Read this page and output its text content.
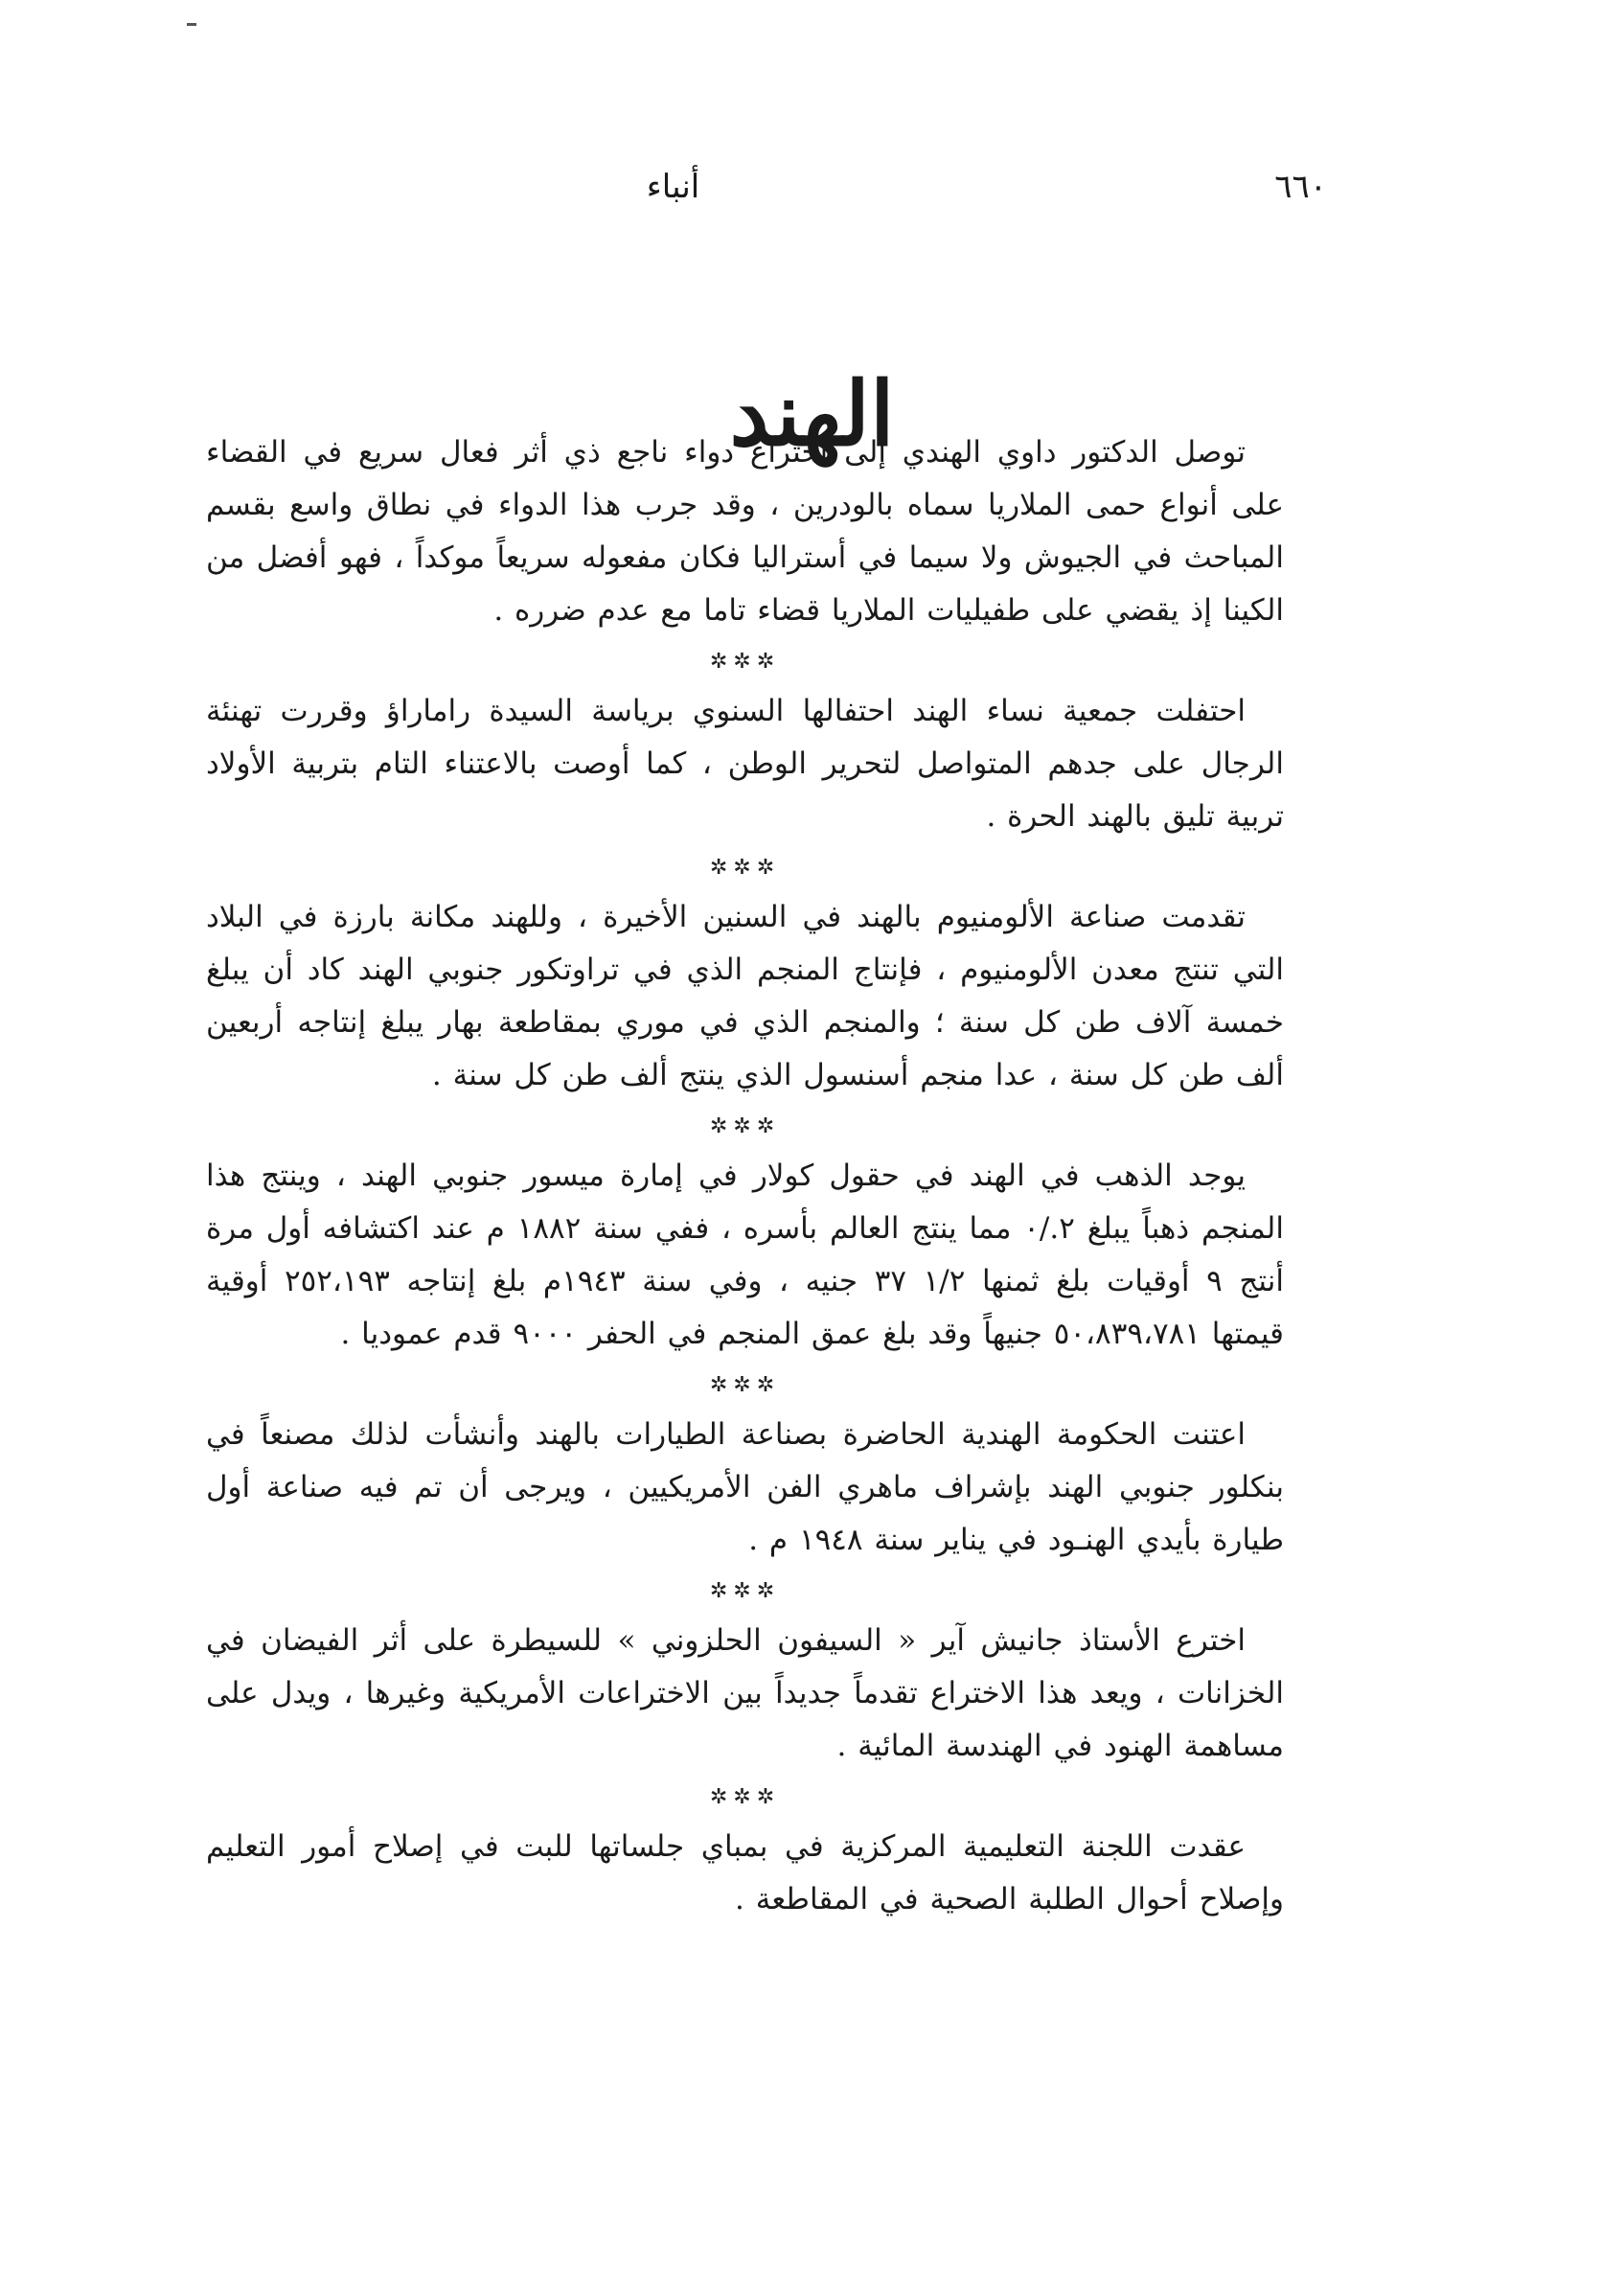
٦٦٠
أنباء
الهند

توصل الدكتور داوي الهندي إلى اختراع دواء ناجع ذي أثر فعال سريع في القضاء على أنواع حمى الملاريا سماه بالودرين ، وقد جرب هذا الدواء في نطاق واسع بقسم المباحث في الجيوش ولا سيما في أستراليا فكان مفعوله سريعاً موكداً ، فهو أفضل من الكينا إذ يقضي على طفيليات الملاريا قضاء تاما مع عدم ضرره .

✲✲✲

احتفلت جمعية نساء الهند احتفالها السنوي برياسة السيدة راماراؤ وقررت تهنئة الرجال على جدهم المتواصل لتحرير الوطن ، كما أوصت بالاعتناء التام بتربية الأولاد تربية تليق بالهند الحرة .

✲✲✲

تقدمت صناعة الألومنيوم بالهند في السنين الأخيرة ، وللهند مكانة بارزة في البلاد التي تنتج معدن الألومنيوم ، فإنتاج المنجم الذي في تراوتكور جنوبي الهند كاد أن يبلغ خمسة آلاف طن كل سنة ؛ والمنجم الذي في موري بمقاطعة بهار يبلغ إنتاجه أربعين ألف طن كل سنة ، عدا منجم أسنسول الذي ينتج ألف طن كل سنة .

✲✲✲

يوجد الذهب في الهند في حقول كولار في إمارة ميسور جنوبي الهند ، وينتج هذا المنجم ذهباً يبلغ ٢./٠ مما ينتج العالم بأسره ، ففي سنة ١٨٨٢ م عند اكتشافه أول مرة أنتج ٩ أوقيات بلغ ثمنها ١/٢ ٣٧ جنيه ، وفي سنة ١٩٤٣م بلغ إنتاجه ٢٥٢،١٩٣ أوقية قيمتها ٥٠،٨٣٩،٧٨١ جنيهاً وقد بلغ عمق المنجم في الحفر ٩٠٠٠ قدم عموديا .

✲✲✲

اعتنت الحكومة الهندية الحاضرة بصناعة الطيارات بالهند وأنشأت لذلك مصنعاً في بنكلور جنوبي الهند بإشراف ماهري الفن الأمريكيين ، ويرجى أن تم فيه صناعة أول طيارة بأيدي الهنـود في يناير سنة ١٩٤٨ م .

✲✲✲

اخترع الأستاذ جانيش آير « السيفون الحلزوني » للسيطرة على أثر الفيضان في الخزانات ، ويعد هذا الاختراع تقدماً جديداً بين الاختراعات الأمريكية وغيرها ، ويدل على مساهمة الهنود في الهندسة المائية .

✲✲✲

عقدت اللجنة التعليمية المركزية في بمباي جلساتها للبت في إصلاح أمور التعليم وإصلاح أحوال الطلبة الصحية في المقاطعة .
